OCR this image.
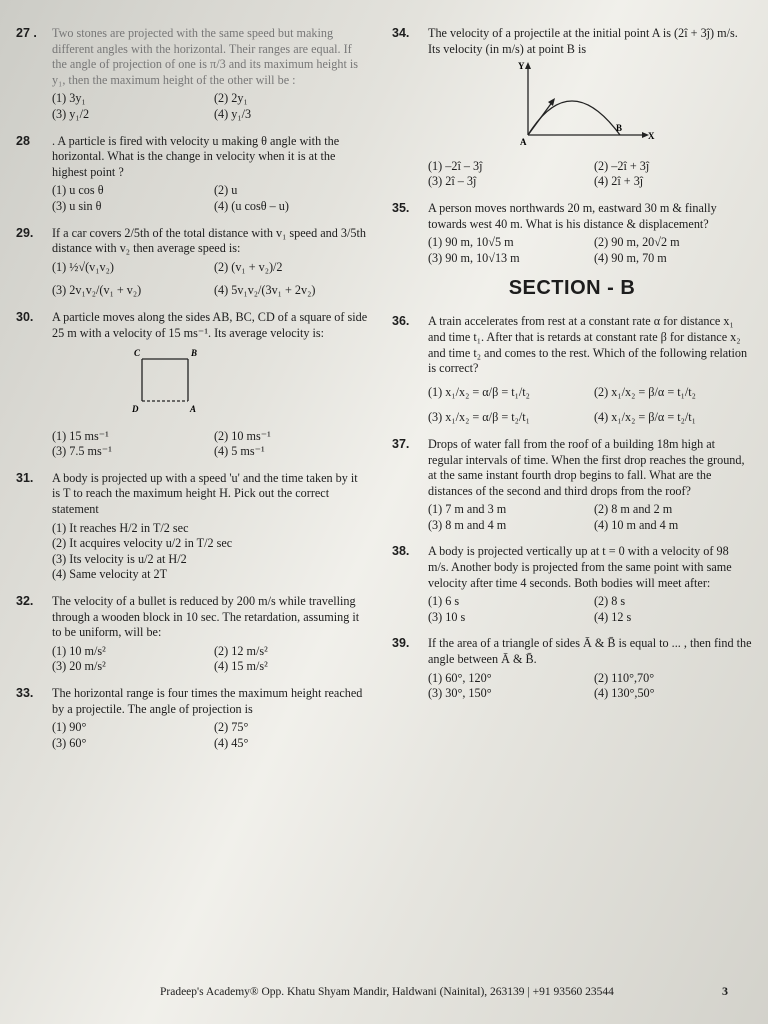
27 . Two stones are projected with the same speed but making different angles with the horizontal. Their ranges are equal. If the angle of projection of one is π/3 and its maximum height is y₁, then the maximum height of the other will be :
(1) 3y₁	(2) 2y₁
(3) y₁/2	(4) y₁/3
28 . A particle is fired with velocity u making θ angle with the horizontal. What is the change in velocity when it is at the highest point ?
(1) u cos θ	(2) u
(3) u sin θ	(4) (u cosθ – u)
29. If a car covers 2/5th of the total distance with v₁ speed and 3/5th distance with v₂ then average speed is:
(1) ½√(v₁v₂)	(2) (v₁ + v₂)/2
(3) 2v₁v₂/(v₁ + v₂)	(4) 5v₁v₂/(3v₁ + 2v₂)
30. A particle moves along the sides AB, BC, CD of a square of side 25 m with a velocity of 15 ms⁻¹. Its average velocity is:
C	B
D	A
(1) 15 ms⁻¹	(2) 10 ms⁻¹
(3) 7.5 ms⁻¹	(4) 5 ms⁻¹
31. A body is projected up with a speed 'u' and the time taken by it is T to reach the maximum height H. Pick out the correct statement
(1) It reaches H/2 in T/2 sec
(2) It acquires velocity u/2 in T/2 sec
(3) Its velocity is u/2 at H/2
(4) Same velocity at 2T
32. The velocity of a bullet is reduced by 200 m/s while travelling through a wooden block in 10 sec. The retardation, assuming it to be uniform, will be:
(1) 10 m/s²	(2) 12 m/s²
(3) 20 m/s²	(4) 15 m/s²
33. The horizontal range is four times the maximum height reached by a projectile. The angle of projection is
(1) 90°	(2) 75°
(3) 60°	(4) 45°
34. The velocity of a projectile at the initial point A is (2î + 3ĵ) m/s. Its velocity (in m/s) at point B is
Y
X
A
B
(1) –2î – 3ĵ	(2) –2î + 3ĵ
(3) 2î – 3ĵ	(4) 2î + 3ĵ
35. A person moves northwards 20 m, eastward 30 m & finally towards west 40 m. What is his distance & displacement?
(1) 90 m, 10√5 m	(2) 90 m, 20√2 m
(3) 90 m, 10√13 m	(4) 90 m, 70 m
SECTION - B
36. A train accelerates from rest at a constant rate α for distance x₁ and time t₁. After that is retards at constant rate β for distance x₂ and time t₂ and comes to the rest. Which of the following relation is correct?
(1) x₁/x₂ = α/β = t₁/t₂	(2) x₁/x₂ = β/α = t₁/t₂
(3) x₁/x₂ = α/β = t₂/t₁	(4) x₁/x₂ = β/α = t₂/t₁
37. Drops of water fall from the roof of a building 18m high at regular intervals of time. When the first drop reaches the ground, at the same instant fourth drop begins to fall. What are the distances of the second and third drops from the roof?
(1) 7 m and 3 m	(2) 8 m and 2 m
(3) 8 m and 4 m	(4) 10 m and 4 m
38. A body is projected vertically up at t = 0 with a velocity of 98 m/s. Another body is projected from the same point with same velocity after time 4 seconds. Both bodies will meet after:
(1) 6 s	(2) 8 s
(3) 10 s	(4) 12 s
39. If the area of a triangle of sides Ā & B̄ is equal to ... , then find the angle between Ā & B̄.
(1) 60°, 120°	(2) 110°,70°
(3) 30°, 150°	(4) 130°,50°
Pradeep's Academy® Opp. Khatu Shyam Mandir, Haldwani (Nainital), 263139 | +91 93560 23544	3
